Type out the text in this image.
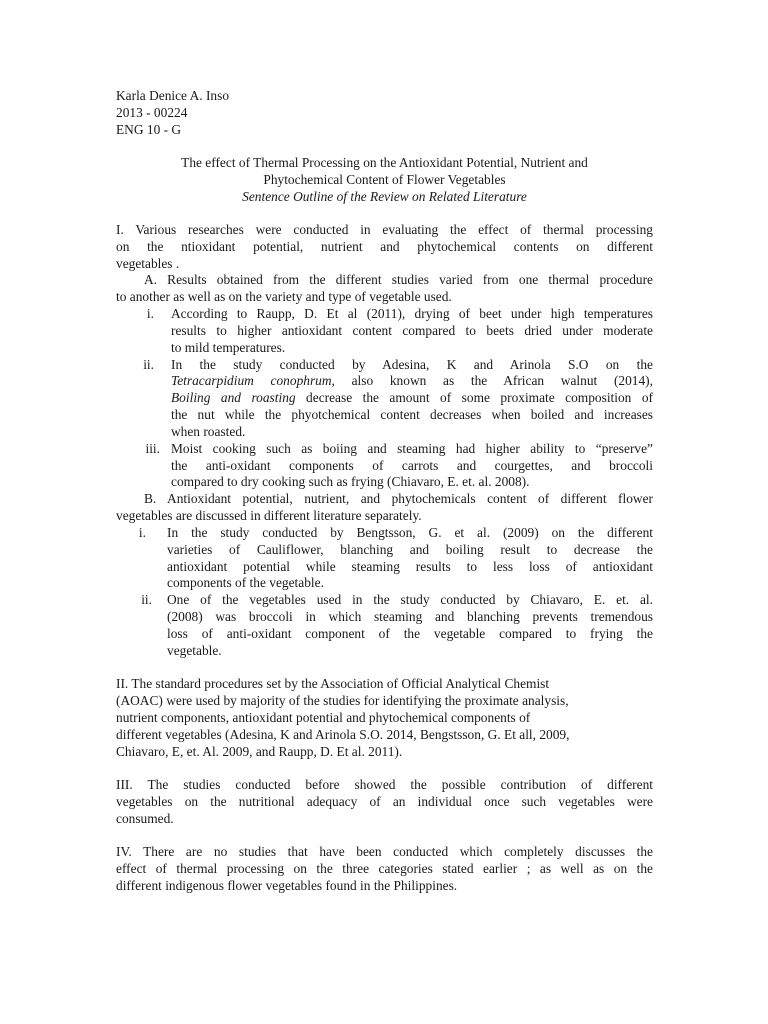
Karla Denice A. Inso
2013 - 00224
ENG 10 - G
The effect of Thermal Processing on the Antioxidant Potential, Nutrient and
Phytochemical Content of Flower Vegetables
Sentence Outline of the Review on Related Literature
I. Various researches were conducted in evaluating the effect of thermal processing
on the ntioxidant potential, nutrient and phytochemical contents on different
vegetables .
A. Results obtained from the different studies varied from one thermal procedure
to another as well as on the variety and type of vegetable used.
i. According to Raupp, D. Et al (2011), drying of beet under high temperatures
results to higher antioxidant content compared to beets dried under moderate
to mild temperatures.
ii. In the study conducted by Adesina, K and Arinola S.O on the
Tetracarpidium conophrum, also known as the African walnut (2014),
Boiling and roasting decrease the amount of some proximate composition of
the nut while the phyotchemical content decreases when boiled and increases
when roasted.
iii. Moist cooking such as boiing and steaming had higher ability to “preserve”
the anti-oxidant components of carrots and courgettes, and broccoli
compared to dry cooking such as frying (Chiavaro, E. et. al. 2008).
B. Antioxidant potential, nutrient, and phytochemicals content of different flower
vegetables are discussed in different literature separately.
i. In the study conducted by Bengtsson, G. et al. (2009) on the different
varieties of Cauliflower, blanching and boiling result to decrease the
antioxidant potential while steaming results to less loss of antioxidant
components of the vegetable.
ii. One of the vegetables used in the study conducted by Chiavaro, E. et. al.
(2008) was broccoli in which steaming and blanching prevents tremendous
loss of anti-oxidant component of the vegetable compared to frying the
vegetable.
II. The standard procedures set by the Association of Official Analytical Chemist
(AOAC) were used by majority of the studies for identifying the proximate analysis,
nutrient components, antioxidant potential and phytochemical components of
different vegetables (Adesina, K and Arinola S.O. 2014, Bengstsson, G. Et all, 2009,
Chiavaro, E, et. Al. 2009, and Raupp, D. Et al. 2011).
III. The studies conducted before showed the possible contribution of different
vegetables on the nutritional adequacy of an individual once such vegetables were
consumed.
IV. There are no studies that have been conducted which completely discusses the
effect of thermal processing on the three categories stated earlier ; as well as on the
different indigenous flower vegetables found in the Philippines.
